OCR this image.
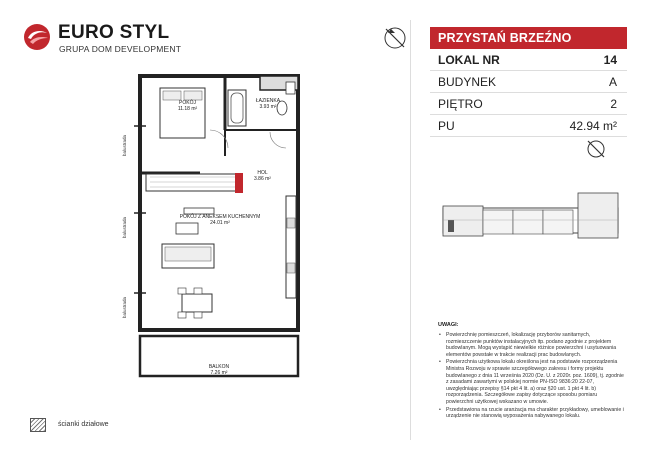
EURO STYL
GRUPA DOM DEVELOPMENT
POKÓJ
11.18 m²
ŁAZIENKA
3.93 m²
HOL
3.86 m²
POKÓJ Z ANEKSEM KUCHENNYM
24.01 m²
BALKON
7.26 m²
balustrada
balustrada
balustrada
ścianki działowe
PRZYSTAŃ BRZEŹNO
LOKAL NR	14
BUDYNEK	A
PIĘTRO	2
PU	42.94 m²
UWAGI:
• Powierzchnię pomieszczeń, lokalizację przyborów sanitarnych, rozmieszczenie punktów instalacyjnych itp. podano zgodnie z projektem budowlanym. Mogą wystąpić niewielkie różnice powierzchni i usytuowania elementów powstałe w trakcie realizacji prac budowlanych.
• Powierzchnia użytkowa lokalu określona jest na podstawie rozporządzenia Ministra Rozwoju w sprawie szczegółowego zakresu i formy projektu budowlanego z dnia 11 września 2020 (Dz. U. z 2020r. poz. 1609), tj. zgodnie z zasadami zawartymi w polskiej normie PN-ISO 9836:20 22-07, uwzględniając przepisy §14 pkt 4 lit. a) oraz §20 ust. 1 pkt 4 lit. b) rozporządzenia. Szczegółowe zapisy dotyczące sposobu pomiaru powierzchni użytkowej wskazano w umowie.
• Przedstawiona na rzucie aranżacja ma charakter przykładowy, umeblowanie i urządzenie nie stanowią wyposażenia nabywanego lokalu.
